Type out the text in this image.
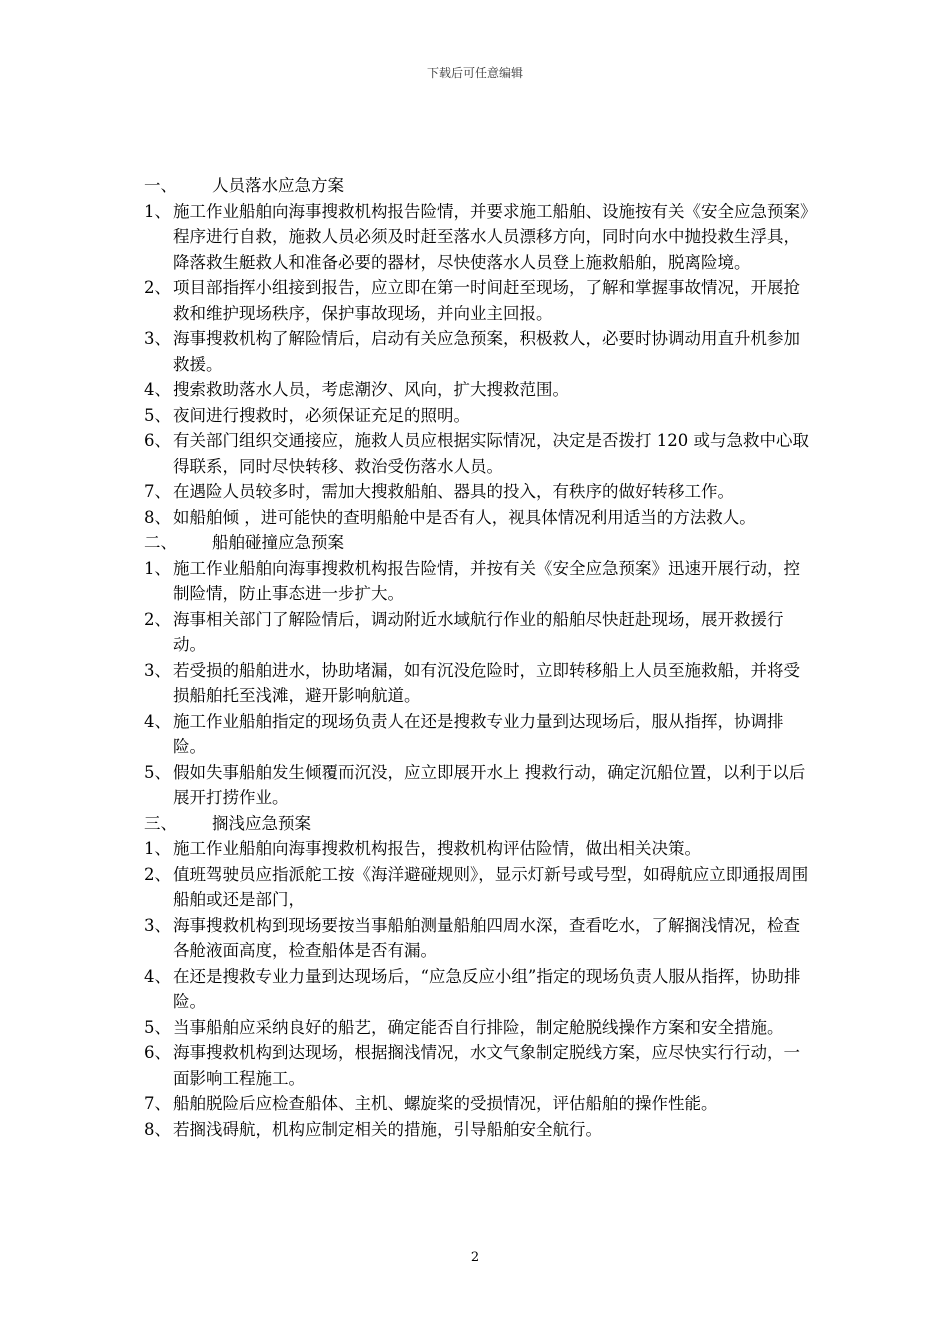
下载后可任意编辑
一、 人员落水应急方案
1、 施工作业船舶向海事搜救机构报告险情，并要求施工船舶、设施按有关《安全应急预案》程序进行自救，施救人员必须及时赶至落水人员漂移方向，同时向水中抛投救生浮具，降落救生艇救人和准备必要的器材，尽快使落水人员登上施救船舶，脱离险境。
2、 项目部指挥小组接到报告，应立即在第一时间赶至现场，了解和掌握事故情况，开展抢救和维护现场秩序，保护事故现场，并向业主回报。
3、 海事搜救机构了解险情后，启动有关应急预案，积极救人，必要时协调动用直升机参加救援。
4、 搜索救助落水人员，考虑潮汐、风向，扩大搜救范围。
5、 夜间进行搜救时，必须保证充足的照明。
6、 有关部门组织交通接应，施救人员应根据实际情况，决定是否拨打 120 或与急救中心取得联系，同时尽快转移、救治受伤落水人员。
7、 在遇险人员较多时，需加大搜救船舶、器具的投入，有秩序的做好转移工作。
8、 如船舶倾 ，进可能快的查明船舱中是否有人，视具体情况利用适当的方法救人。
二、 船舶碰撞应急预案
1、 施工作业船舶向海事搜救机构报告险情，并按有关《安全应急预案》迅速开展行动，控制险情，防止事态进一步扩大。
2、 海事相关部门了解险情后，调动附近水域航行作业的船舶尽快赶赴现场，展开救援行动。
3、 若受损的船舶进水，协助堵漏，如有沉没危险时，立即转移船上人员至施救船，并将受损船舶托至浅滩，避开影响航道。
4、 施工作业船舶指定的现场负责人在还是搜救专业力量到达现场后，服从指挥，协调排险。
5、 假如失事船舶发生倾覆而沉没，应立即展开水上 搜救行动，确定沉船位置，以利于以后展开打捞作业。
三、 搁浅应急预案
1、 施工作业船舶向海事搜救机构报告，搜救机构评估险情，做出相关决策。
2、 值班驾驶员应指派舵工按《海洋避碰规则》，显示灯新号或号型，如碍航应立即通报周围船舶或还是部门，
3、 海事搜救机构到现场要按当事船舶测量船舶四周水深，查看吃水，了解搁浅情况，检查各舱液面高度，检查船体是否有漏。
4、 在还是搜救专业力量到达现场后，“应急反应小组”指定的现场负责人服从指挥，协助排险。
5、 当事船舶应采纳良好的船艺，确定能否自行排险，制定舱脱线操作方案和安全措施。
6、 海事搜救机构到达现场，根据搁浅情况，水文气象制定脱线方案，应尽快实行行动，一面影响工程施工。
7、 船舶脱险后应检查船体、主机、螺旋桨的受损情况，评估船舶的操作性能。
8、 若搁浅碍航，机构应制定相关的措施，引导船舶安全航行。
2
